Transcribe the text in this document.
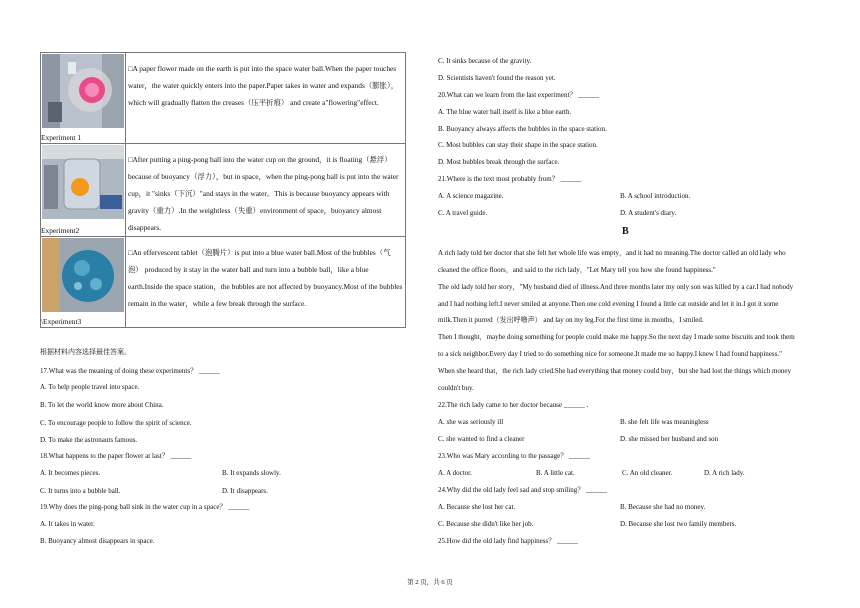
Experiment 1	□A paper flower made on the earth is put into the space water ball.When the paper touches water，the water quickly enters into the paper.Paper takes in water and expands（膨胀），which will gradually flatten the creases（压平折痕） and create a"flowering"effect.

Experiment2	□After putting a ping-pong ball into the water cup on the ground，it is floating（悬浮）because of buoyancy（浮力），but in space，when the ping-pong ball is put into the water cup，it "sinks（下沉）"and stays in the water。This is because buoyancy appears with gravity（重力）.In the weightless（失重）environment of space，buoyancy almost disappears.

\Experiment3	□An effervescent tablet（泡腾片）is put into a blue water ball.Most of the bubbles（气泡） produced by it stay in the water ball and turn into a bubble ball，like a blue earth.Inside the space station，the bubbles are not affected by buoyancy.Most of the bubbles remain in the water，while a few break through the surface.
根据材料内容选择最佳答案。
17.What was the meaning of doing these experiments？ ______
A. To help people travel into space.
B. To let the world know more about China.
C. To encourage people to follow the spirit of science.
D. To make the astronauts famous.
18.What happens to the paper flower at last？ ______
A. It becomes pieces.	B. It expands slowly.
C. It turns into a bubble ball.	D. It disappears.
19.Why does the ping-pong ball sink in the water cup in a space？ ______
A. It takes in water.
B. Buoyancy almost disappears in space.
C. It sinks because of the gravity.
D. Scientists haven't found the reason yet.
20.What can we learn from the last experiment？ ______
A. The blue water ball itself is like a blue earth.
B. Buoyancy always affects the bubbles in the space station.
C. Most bubbles can stay their shape in the space station.
D. Most bubbles break through the surface.
21.Where is the text most probably from？ ______
A. A science magazine.	B. A school introduction.
C. A travel guide.	D. A student's diary.
B
A rich lady told her doctor that she felt her whole life was empty，and it had no meaning.The doctor called an old lady who
cleaned the office floors，and said to the rich lady，"Let Mary tell you how she found happiness."
The old lady told her story，"My husband died of illness.And three months later my only son was killed by a car.I had nobody
and I had nothing left.I never smiled at anyone.Then one cold evening I found a little cat outside and let it in.I got it some
milk.Then it purred（发出呼噜声） and lay on my leg.For the first time in months，I smiled.
Then I thought，maybe doing something for people could make me happy.So the next day I made some biscuits and took them
to a sick neighbor.Every day I tried to do something nice for someone.It made me so happy.I knew I had found happiness."
When she heard that，the rich lady cried.She had everything that money could buy，but she had lost the things which money
couldn't buy.
22.The rich lady came to her doctor because ______ .
A. she was seriously ill	B. she felt life was meaningless
C. she wanted to find a cleaner	D. she missed her husband and son
23.Who was Mary according to the passage？ ______
A. A doctor.	B. A little cat.	C. An old cleaner.	D. A rich lady.
24.Why did the old lady feel sad and stop smiling？ ______
A. Because she lost her cat.	B. Because she had no money.
C. Because she didn't like her job.	D. Because she lost two family members.
25.How did the old lady find happiness？ ______
第 2 页，共 6 页
